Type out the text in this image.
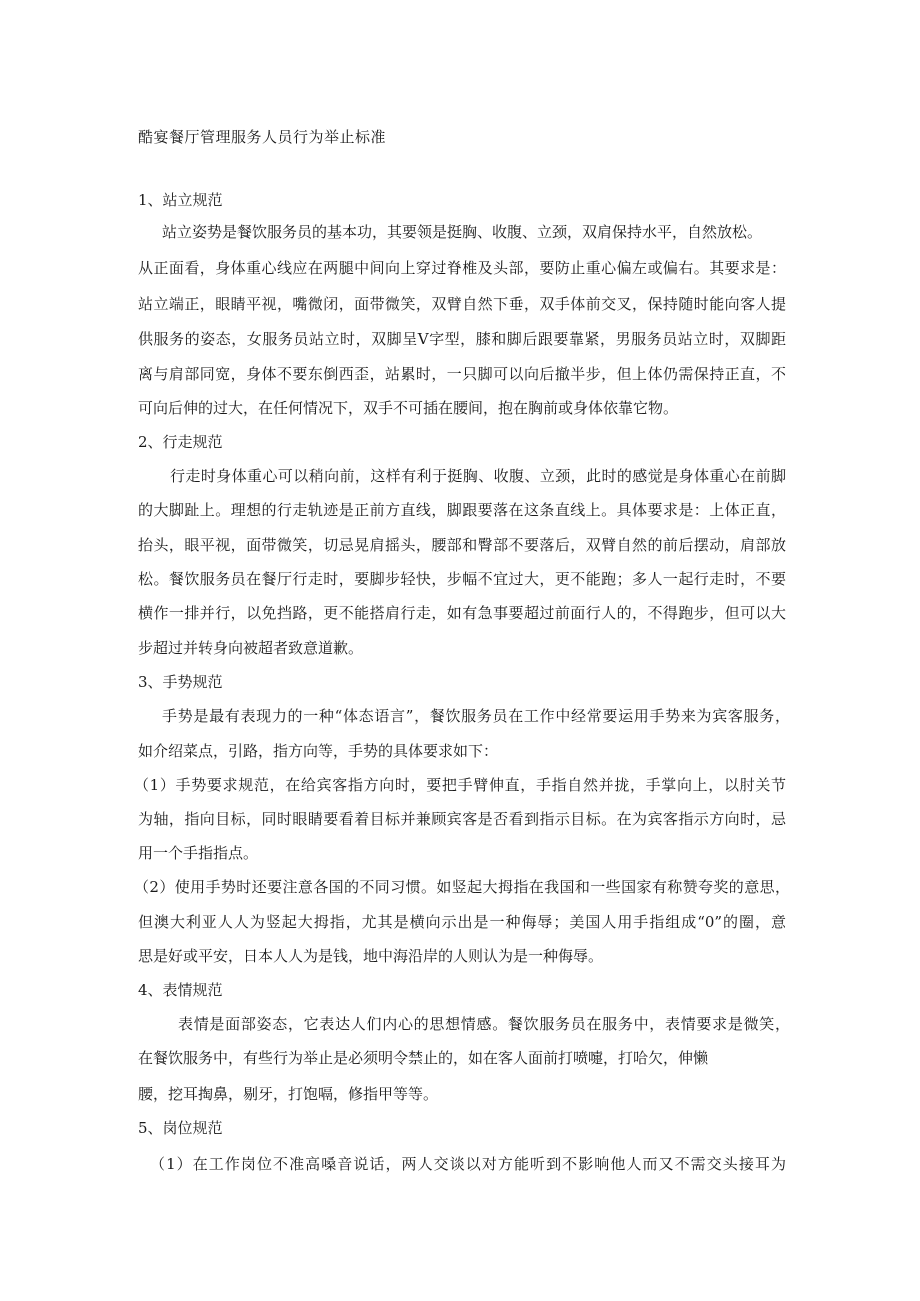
酷宴餐厅管理服务人员行为举止标准
1、站立规范
站立姿势是餐饮服务员的基本功，其要领是挺胸、收腹、立颈，双肩保持水平，自然放松。
从正面看，身体重心线应在两腿中间向上穿过脊椎及头部，要防止重心偏左或偏右。其要求是：
站立端正，眼睛平视，嘴微闭，面带微笑，双臂自然下垂，双手体前交叉，保持随时能向客人提
供服务的姿态，女服务员站立时，双脚呈V字型，膝和脚后跟要靠紧，男服务员站立时，双脚距
离与肩部同宽，身体不要东倒西歪，站累时，一只脚可以向后撤半步，但上体仍需保持正直，不
可向后伸的过大，在任何情况下，双手不可插在腰间，抱在胸前或身体依靠它物。
2、行走规范
行走时身体重心可以稍向前，这样有利于挺胸、收腹、立颈，此时的感觉是身体重心在前脚
的大脚趾上。理想的行走轨迹是正前方直线，脚跟要落在这条直线上。具体要求是：上体正直，
抬头，眼平视，面带微笑，切忌晃肩摇头，腰部和臀部不要落后，双臂自然的前后摆动，肩部放
松。餐饮服务员在餐厅行走时，要脚步轻快，步幅不宜过大，更不能跑；多人一起行走时，不要
横作一排并行，以免挡路，更不能搭肩行走，如有急事要超过前面行人的，不得跑步，但可以大
步超过并转身向被超者致意道歉。
3、手势规范
手势是最有表现力的一种“体态语言”，餐饮服务员在工作中经常要运用手势来为宾客服务，
如介绍菜点，引路，指方向等，手势的具体要求如下：
（1）手势要求规范，在给宾客指方向时，要把手臂伸直，手指自然并拢，手掌向上，以肘关节
为轴，指向目标，同时眼睛要看着目标并兼顾宾客是否看到指示目标。在为宾客指示方向时，忌
用一个手指指点。
（2）使用手势时还要注意各国的不同习惯。如竖起大拇指在我国和一些国家有称赞夸奖的意思，
但澳大利亚人人为竖起大拇指，尤其是横向示出是一种侮辱；美国人用手指组成“0”的圈，意
思是好或平安，日本人人为是钱，地中海沿岸的人则认为是一种侮辱。
4、表情规范
表情是面部姿态，它表达人们内心的思想情感。餐饮服务员在服务中，表情要求是微笑，
在餐饮服务中，有些行为举止是必须明令禁止的，如在客人面前打喷嚏，打哈欠，伸懒
腰，挖耳掏鼻，剔牙，打饱嗝，修指甲等等。
5、岗位规范
（1）在工作岗位不准高嗓音说话，两人交谈以对方能听到不影响他人而又不需交头接耳为
